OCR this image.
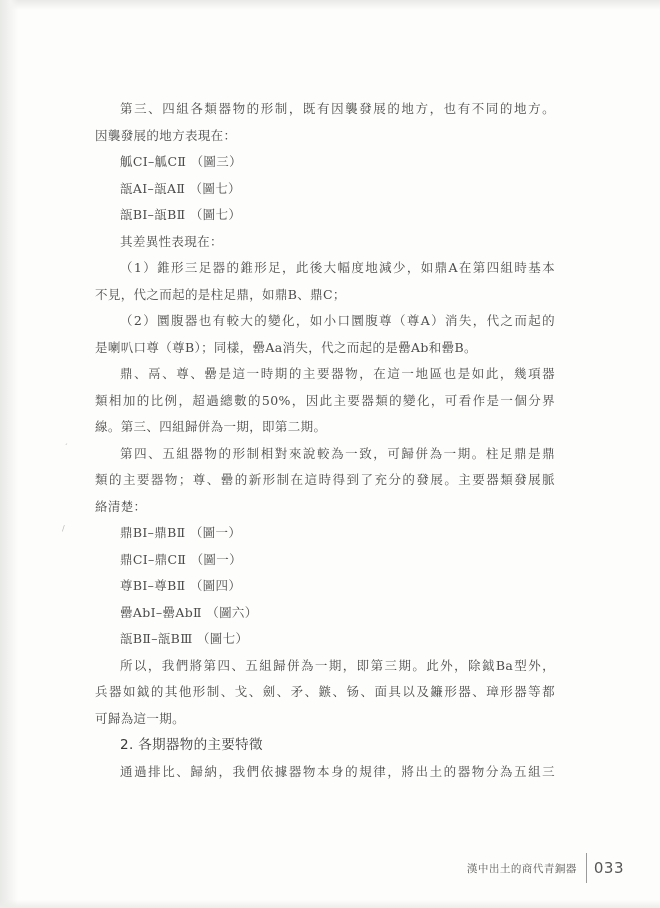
ˏ
/
第三、四組各類器物的形制，既有因襲發展的地方，也有不同的地方。
因襲發展的地方表現在：
觚CⅠ–觚CⅡ （圖三）
瓿AⅠ–瓿AⅡ （圖七）
瓿BⅠ–瓿BⅡ （圖七）
其差異性表現在：
（1）錐形三足器的錐形足，此後大幅度地減少，如鼎A在第四組時基本
不見，代之而起的是柱足鼎，如鼎B、鼎C；
（2）圜腹器也有較大的變化，如小口圜腹尊（尊A）消失，代之而起的
是喇叭口尊（尊B）；同樣，罍Aa消失，代之而起的是罍Ab和罍B。
鼎、鬲、尊、罍是這一時期的主要器物，在這一地區也是如此，幾項器
類相加的比例，超過總數的50%，因此主要器類的變化，可看作是一個分界
線。第三、四組歸併為一期，即第二期。
第四、五組器物的形制相對來說較為一致，可歸併為一期。柱足鼎是鼎
類的主要器物；尊、罍的新形制在這時得到了充分的發展。主要器類發展脈
絡清楚：
鼎BⅠ–鼎BⅡ （圖一）
鼎CⅠ–鼎CⅡ （圖一）
尊BⅠ–尊BⅡ （圖四）
罍AbⅠ–罍AbⅡ （圖六）
瓿BⅡ–瓿BⅢ （圖七）
所以，我們將第四、五組歸併為一期，即第三期。此外，除鉞Ba型外，
兵器如鉞的其他形制、戈、劍、矛、鏃、钖、面具以及鐮形器、璋形器等都
可歸為這一期。
2. 各期器物的主要特徵
通過排比、歸納，我們依據器物本身的規律，將出土的器物分為五組三
漢中出土的商代青銅器 033
